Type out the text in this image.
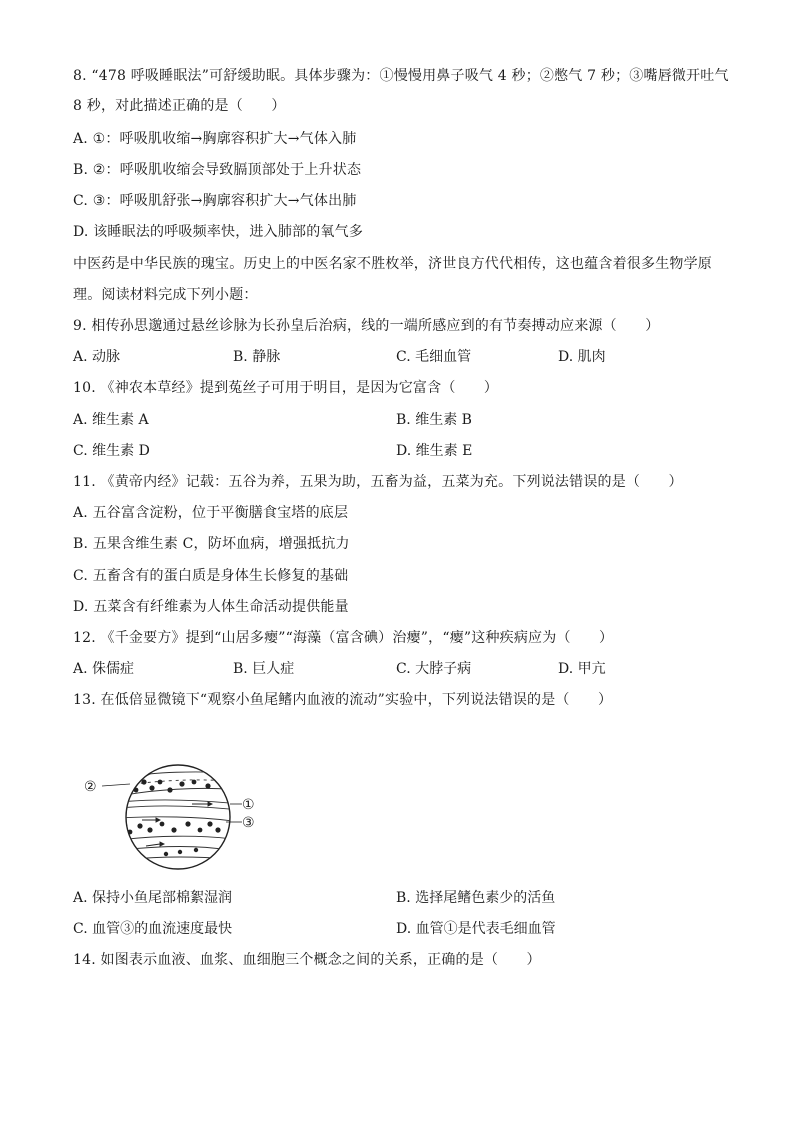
8. “478 呼吸睡眠法”可舒缓助眠。具体步骤为：①慢慢用鼻子吸气 4 秒；②憋气 7 秒；③嘴唇微开吐气
8 秒，对此描述正确的是（　　）
A. ①：呼吸肌收缩→胸廓容积扩大→气体入肺
B. ②：呼吸肌收缩会导致膈顶部处于上升状态
C. ③：呼吸肌舒张→胸廓容积扩大→气体出肺
D. 该睡眠法的呼吸频率快，进入肺部的氧气多
中医药是中华民族的瑰宝。历史上的中医名家不胜枚举，济世良方代代相传，这也蕴含着很多生物学原
理。阅读材料完成下列小题：
9. 相传孙思邈通过悬丝诊脉为长孙皇后治病，线的一端所感应到的有节奏搏动应来源（　　）
A. 动脉	B. 静脉	C. 毛细血管	D. 肌肉
10. 《神农本草经》提到菟丝子可用于明目，是因为它富含（　　）
A. 维生素 A	B. 维生素 B
C. 维生素 D	D. 维生素 E
11. 《黄帝内经》记载：五谷为养，五果为助，五畜为益，五菜为充。下列说法错误的是（　　）
A. 五谷富含淀粉，位于平衡膳食宝塔的底层
B. 五果含维生素 C，防坏血病，增强抵抗力
C. 五畜含有的蛋白质是身体生长修复的基础
D. 五菜含有纤维素为人体生命活动提供能量
12. 《千金要方》提到“山居多瘿”“海藻（富含碘）治瘿”，“瘿”这种疾病应为（　　）
A. 侏儒症	B. 巨人症	C. 大脖子病	D. 甲亢
13. 在低倍显微镜下“观察小鱼尾鳍内血液的流动”实验中，下列说法错误的是（　　）
②
①
③
A. 保持小鱼尾部棉絮湿润	B. 选择尾鳍色素少的活鱼
C. 血管③的血流速度最快	D. 血管①是代表毛细血管
14. 如图表示血液、血浆、血细胞三个概念之间的关系，正确的是（　　）
